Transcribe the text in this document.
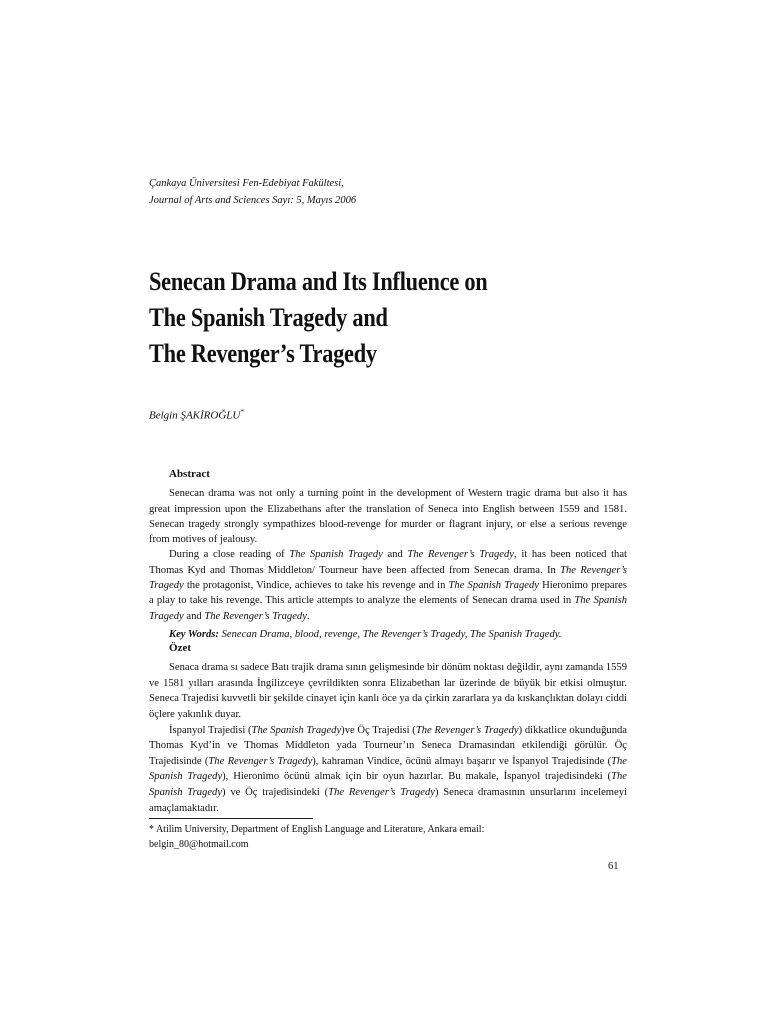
Çankaya Üniversitesi Fen-Edebiyat Fakültesi,
Journal of Arts and Sciences Sayı: 5, Mayıs 2006
Senecan Drama and Its Influence on
The Spanish Tragedy and
The Revenger’s Tragedy
Belgin ŞAKİROĞLU*
Abstract

Senecan drama was not only a turning point in the development of Western tragic drama but also it has great impression upon the Elizabethans after the translation of Seneca into English between 1559 and 1581. Senecan tragedy strongly sympathizes blood-revenge for murder or flagrant injury, or else a serious revenge from motives of jealousy.

During a close reading of The Spanish Tragedy and The Revenger’s Tragedy, it has been noticed that Thomas Kyd and Thomas Middleton/ Tourneur have been affected from Senecan drama. In The Revenger’s Tragedy the protagonist, Vindice, achieves to take his revenge and in The Spanish Tragedy Hieronimo prepares a play to take his revenge. This article attempts to analyze the elements of Senecan drama used in The Spanish Tragedy and The Revenger’s Tragedy.

Key Words: Senecan Drama, blood, revenge, The Revenger’s Tragedy, The Spanish Tragedy.

Özet

Senaca drama sı sadece Batı trajik drama sının gelişmesinde bir dönüm noktası değildir, aynı zamanda 1559 ve 1581 yılları arasında İngilizceye çevrildikten sonra Elizabethan lar üzerinde de büyük bir etkisi olmuştur. Seneca Trajedisi kuvvetli bir şekilde cinayet için kanlı öce ya da çirkin zararlara ya da kıskançlıktan dolayı ciddi öçlere yakınlık duyar.

İspanyol Trajedisi (The Spanish Tragedy)ve Öç Trajedisi (The Revenger’s Tragedy) dikkatlice okunduğunda Thomas Kyd’in ve Thomas Middleton yada Tourneur’ın Seneca Dramasından etkilendiği görülür. Öç Trajedisinde (The Revenger’s Tragedy), kahraman Vindice, öcünü almayı başarır ve İspanyol Trajedisinde (The Spanish Tragedy), Hieronimo öcünü almak için bir oyun hazırlar. Bu makale, İspanyol trajedisindeki (The Spanish Tragedy) ve Öç trajedisindeki (The Revenger’s Tragedy) Seneca dramasının unsurlarını incelemeyi amaçlamaktadır.

* Atilim University, Department of English Language and Literature, Ankara email:
belgin_80@hotmail.com
61
